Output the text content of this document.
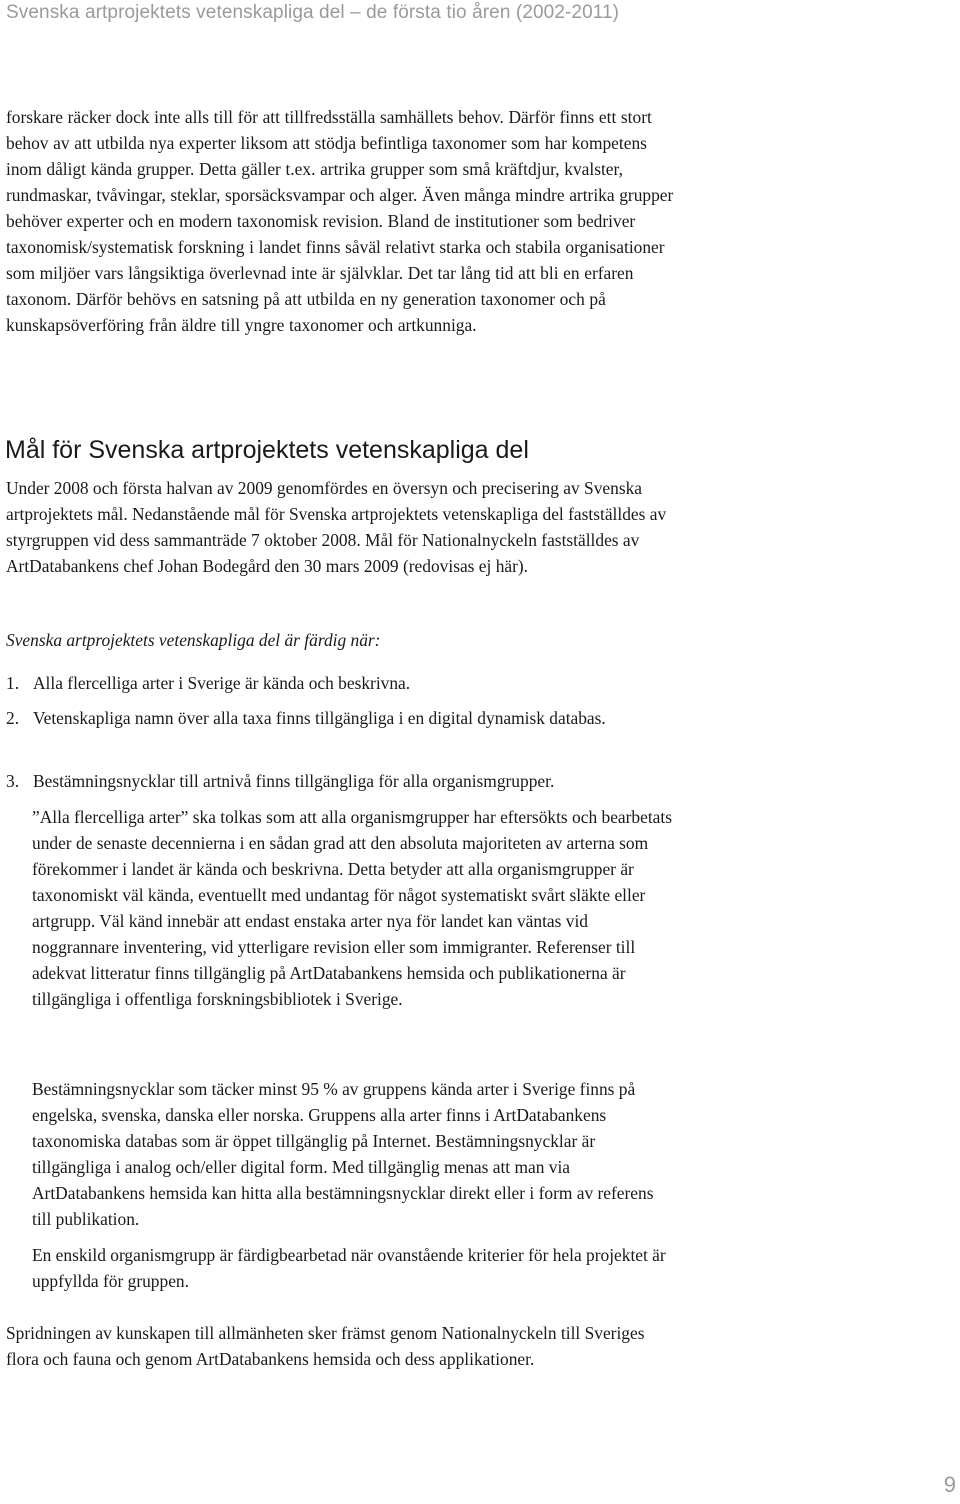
Svenska artprojektets vetenskapliga del – de första tio åren (2002-2011)

forskare räcker dock inte alls till för att tillfredsställa samhällets behov. Därför finns ett stort behov av att utbilda nya experter liksom att stödja befintliga taxonomer som har kompetens inom dåligt kända grupper. Detta gäller t.ex. artrika grupper som små kräftdjur, kvalster, rundmaskar, tvåvingar, steklar, sporsäcksvampar och alger. Även många mindre artrika grupper behöver experter och en modern taxonomisk revision. Bland de institutioner som bedriver taxonomisk/systematisk forskning i landet finns såväl relativt starka och stabila organisationer som miljöer vars långsiktiga överlevnad inte är självklar. Det tar lång tid att bli en erfaren taxonom. Därför behövs en satsning på att utbilda en ny generation taxonomer och på kunskapsöverföring från äldre till yngre taxonomer och artkunniga.

Mål för Svenska artprojektets vetenskapliga del

Under 2008 och första halvan av 2009 genomfördes en översyn och precisering av Svenska artprojektets mål. Nedanstående mål för Svenska artprojektets vetenskapliga del fastställdes av styrgruppen vid dess sammanträde 7 oktober 2008. Mål för Nationalnyckeln fastställdes av ArtDatabankens chef Johan Bodegård den 30 mars 2009 (redovisas ej här).

Svenska artprojektets vetenskapliga del är färdig när:

1. Alla flercelliga arter i Sverige är kända och beskrivna.
2. Vetenskapliga namn över alla taxa finns tillgängliga i en digital dynamisk databas.
3. Bestämningsnycklar till artnivå finns tillgängliga för alla organismgrupper.

”Alla flercelliga arter” ska tolkas som att alla organismgrupper har eftersökts och bearbetats under de senaste decennierna i en sådan grad att den absoluta majoriteten av arterna som förekommer i landet är kända och beskrivna. Detta betyder att alla organismgrupper är taxonomiskt väl kända, eventuellt med undantag för något systematiskt svårt släkte eller artgrupp. Väl känd innebär att endast enstaka arter nya för landet kan väntas vid noggrannare inventering, vid ytterligare revision eller som immigranter. Referenser till adekvat litteratur finns tillgänglig på ArtDatabankens hemsida och publikationerna är tillgängliga i offentliga forskningsbibliotek i Sverige.

Bestämningsnycklar som täcker minst 95 % av gruppens kända arter i Sverige finns på engelska, svenska, danska eller norska. Gruppens alla arter finns i ArtDatabankens taxonomiska databas som är öppet tillgänglig på Internet. Bestämningsnycklar är tillgängliga i analog och/eller digital form. Med tillgänglig menas att man via ArtDatabankens hemsida kan hitta alla bestämningsnycklar direkt eller i form av referens till publikation.

En enskild organismgrupp är färdigbearbetad när ovanstående kriterier för hela projektet är uppfyllda för gruppen.

Spridningen av kunskapen till allmänheten sker främst genom Nationalnyckeln till Sveriges flora och fauna och genom ArtDatabankens hemsida och dess applikationer.

9
